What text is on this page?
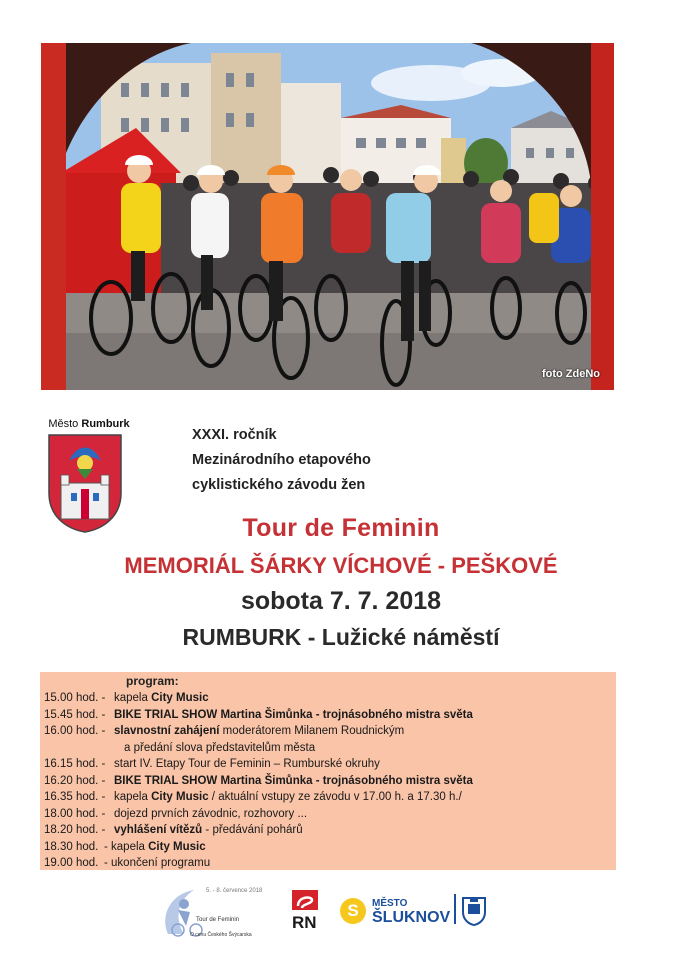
foto ZdeNo
Město Rumburk
XXXI. ročník
Mezinárodního etapového
cyklistického závodu žen
Tour de Feminin
MEMORIÁL ŠÁRKY VÍCHOVÉ - PEŠKOVÉ
sobota 7. 7. 2018
RUMBURK - Lužické náměstí
program:
15.00 hod. - kapela City Music
15.45 hod. - BIKE TRIAL SHOW Martina Šimůnka - trojnásobného mistra světa
16.00 hod. - slavnostní zahájení moderátorem Milanem Roudnickým
a předání slova představitelům města
16.15 hod. - start IV. Etapy Tour de Feminin – Rumburské okruhy
16.20 hod. - BIKE TRIAL SHOW Martina Šimůnka - trojnásobného mistra světa
16.35 hod. - kapela City Music / aktuální vstupy ze závodu v 17.00 h. a 17.30 h./
18.00 hod. - dojezd prvních závodnic, rozhovory ...
18.20 hod. - vyhlášení vítězů - předávání pohárů
18.30 hod. - kapela City Music
19.00 hod. - ukončení programu
5. - 8. července 2018
Tour de Feminin
O cenu Českého Švýcarska
RN
S	MĚSTO
ŠLUKNOV
